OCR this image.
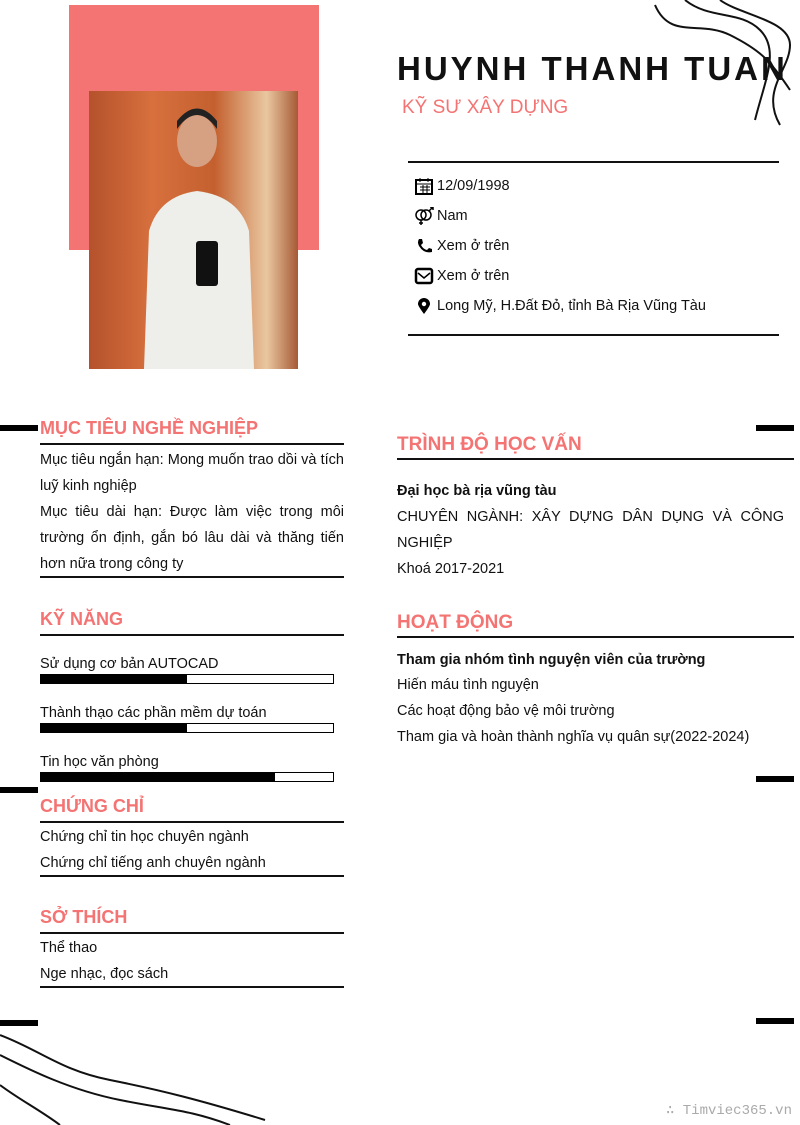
HUYNH THANH TUAN
KỸ SƯ XÂY DỰNG
12/09/1998
Nam
Xem ở trên
Xem ở trên
Long Mỹ, H.Đất Đỏ, tỉnh Bà Rịa Vũng Tàu
MỤC TIÊU NGHỀ NGHIỆP
Mục tiêu ngắn hạn: Mong muốn trao dồi và tích luỹ kinh nghiệp
Mục tiêu dài hạn: Được làm việc trong môi trường ổn định, gắn bó lâu dài và thăng tiến hơn nữa trong công ty
KỸ NĂNG
Sử dụng cơ bản AUTOCAD
Thành thạo các phần mềm dự toán
Tin học văn phòng
CHỨNG CHỈ
Chứng chỉ tin học chuyên ngành
Chứng chỉ tiếng anh chuyên ngành
SỞ THÍCH
Thể thao
Nge nhạc, đọc sách
TRÌNH ĐỘ HỌC VẤN
Đại học bà rịa vũng tàu
CHUYÊN NGÀNH: XÂY DỰNG DÂN DỤNG VÀ CÔNG NGHIỆP
Khoá 2017-2021
HOẠT ĐỘNG
Tham gia nhóm tình nguyện viên của trường
Hiến máu tình nguyện
Các hoạt động bảo vệ môi trường
Tham gia và hoàn thành nghĩa vụ quân sự(2022-2024)
∴ Timviec365.vn
